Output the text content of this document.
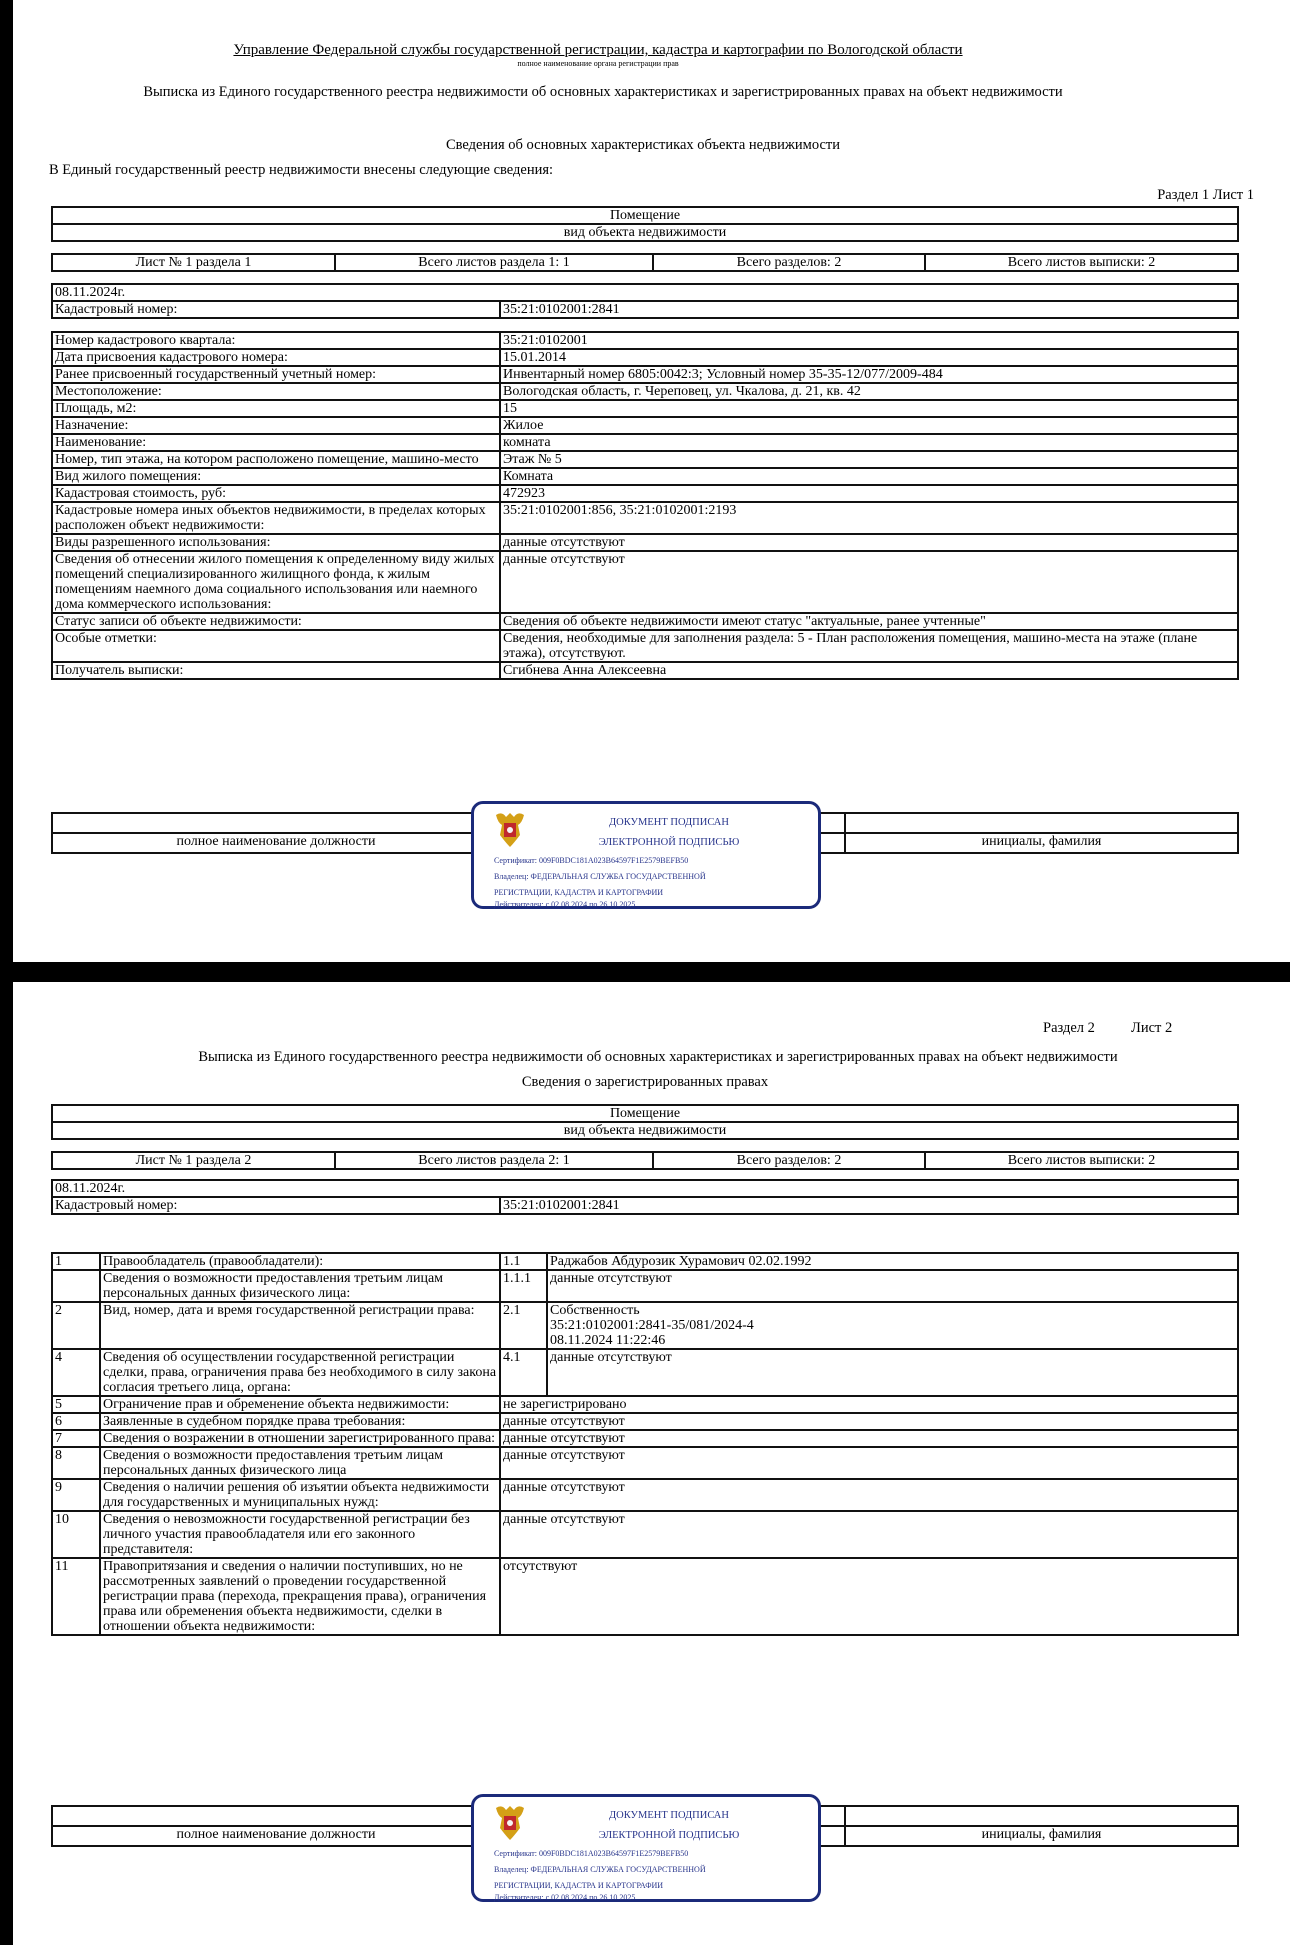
Управление Федеральной службы государственной регистрации, кадастра и картографии по Вологодской области
полное наименование органа регистрации прав
Выписка из Единого государственного реестра недвижимости об основных характеристиках и зарегистрированных правах на объект недвижимости
Сведения об основных характеристиках объекта недвижимости
В Единый государственный реестр недвижимости внесены следующие сведения:
Раздел 1 Лист 1
Помещение
вид объекта недвижимости
Лист № 1 раздела 1	Всего листов раздела 1: 1	Всего разделов: 2	Всего листов выписки: 2
08.11.2024г.
Кадастровый номер:	35:21:0102001:2841
Номер кадастрового квартала:	35:21:0102001
Дата присвоения кадастрового номера:	15.01.2014
Ранее присвоенный государственный учетный номер:	Инвентарный номер 6805:0042:3; Условный номер 35-35-12/077/2009-484
Местоположение:	Вологодская область, г. Череповец, ул. Чкалова, д. 21, кв. 42
Площадь, м2:	15
Назначение:	Жилое
Наименование:	комната
Номер, тип этажа, на котором расположено помещение, машино-место	Этаж № 5
Вид жилого помещения:	Комната
Кадастровая стоимость, руб:	472923
Кадастровые номера иных объектов недвижимости, в пределах которых расположен объект недвижимости:	35:21:0102001:856, 35:21:0102001:2193
Виды разрешенного использования:	данные отсутствуют
Сведения об отнесении жилого помещения к определенному виду жилых помещений специализированного жилищного фонда, к жилым помещениям наемного дома социального использования или наемного дома коммерческого использования:	данные отсутствуют
Статус записи об объекте недвижимости:	Сведения об объекте недвижимости имеют статус "актуальные, ранее учтенные"
Особые отметки:	Сведения, необходимые для заполнения раздела: 5 - План расположения помещения, машино-места на этаже (плане этажа), отсутствуют.
Получатель выписки:	Сгибнева Анна Алексеевна

полное наименование должности		инициалы, фамилия
ДОКУМЕНТ ПОДПИСАН
ЭЛЕКТРОННОЙ ПОДПИСЬЮ
Сертификат: 009F0BDC181A023B64597F1E2579BEFB50
Владелец: ФЕДЕРАЛЬНАЯ СЛУЖБА ГОСУДАРСТВЕННОЙ
РЕГИСТРАЦИИ, КАДАСТРА И КАРТОГРАФИИ
Действителен: с 02.08.2024 по 26.10.2025
Раздел 2 Лист 2
Выписка из Единого государственного реестра недвижимости об основных характеристиках и зарегистрированных правах на объект недвижимости
Сведения о зарегистрированных правах
Помещение
вид объекта недвижимости
Лист № 1 раздела 2	Всего листов раздела 2: 1	Всего разделов: 2	Всего листов выписки: 2
08.11.2024г.
Кадастровый номер:	35:21:0102001:2841
1	Правообладатель (правообладатели):	1.1	Раджабов Абдурозик Хурамович 02.02.1992
	Сведения о возможности предоставления третьим лицам персональных данных физического лица:	1.1.1	данные отсутствуют
2	Вид, номер, дата и время государственной регистрации права:	2.1	Собственность
35:21:0102001:2841-35/081/2024-4
08.11.2024 11:22:46

4	Сведения об осуществлении государственной регистрации сделки, права, ограничения права без необходимого в силу закона согласия третьего лица, органа:	4.1	данные отсутствуют
5	Ограничение прав и обременение объекта недвижимости:	не зарегистрировано	
6	Заявленные в судебном порядке права требования:	данные отсутствуют	
7	Сведения о возражении в отношении зарегистрированного права:	данные отсутствуют	
8	Сведения о возможности предоставления третьим лицам персональных данных физического лица	данные отсутствуют	
9	Сведения о наличии решения об изъятии объекта недвижимости для государственных и муниципальных нужд:	данные отсутствуют	
10	Сведения о невозможности государственной регистрации без личного участия правообладателя или его законного представителя:	данные отсутствуют	
11	Правопритязания и сведения о наличии поступивших, но не рассмотренных заявлений о проведении государственной регистрации права (перехода, прекращения права), ограничения права или обременения объекта недвижимости, сделки в отношении объекта недвижимости:	отсутствуют	

полное наименование должности		инициалы, фамилия
ДОКУМЕНТ ПОДПИСАН
ЭЛЕКТРОННОЙ ПОДПИСЬЮ
Сертификат: 009F0BDC181A023B64597F1E2579BEFB50
Владелец: ФЕДЕРАЛЬНАЯ СЛУЖБА ГОСУДАРСТВЕННОЙ
РЕГИСТРАЦИИ, КАДАСТРА И КАРТОГРАФИИ
Действителен: с 02.08.2024 по 26.10.2025
